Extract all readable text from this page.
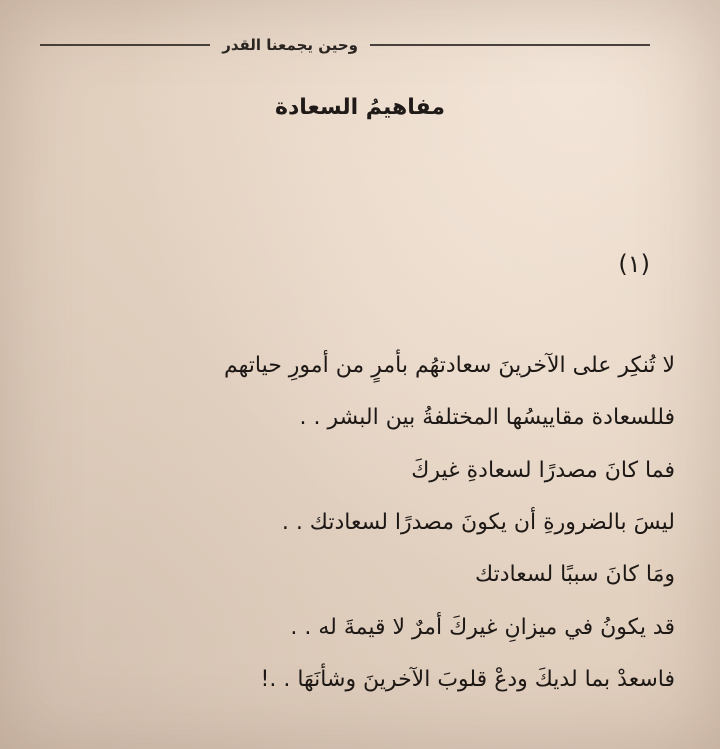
وحين يجمعنا القدر
مفاهيمُ السعادة
(١)
لا تُنكِر على الآخرينَ سعادتهُم بأمرٍ من أمورِ حياتهم
فللسعادة مقاييسُها المختلفةُ بين البشر . .
فما كانَ مصدرًا لسعادةِ غيركَ
ليسَ بالضرورةِ أن يكونَ مصدرًا لسعادتك . .
ومَا كانَ سببًا لسعادتك
قد يكونُ في ميزانِ غيركَ أمرٌ لا قيمةَ له . .
فاسعدْ بما لديكَ ودعْ قلوبَ الآخرينَ وشأنَهَا . .!
